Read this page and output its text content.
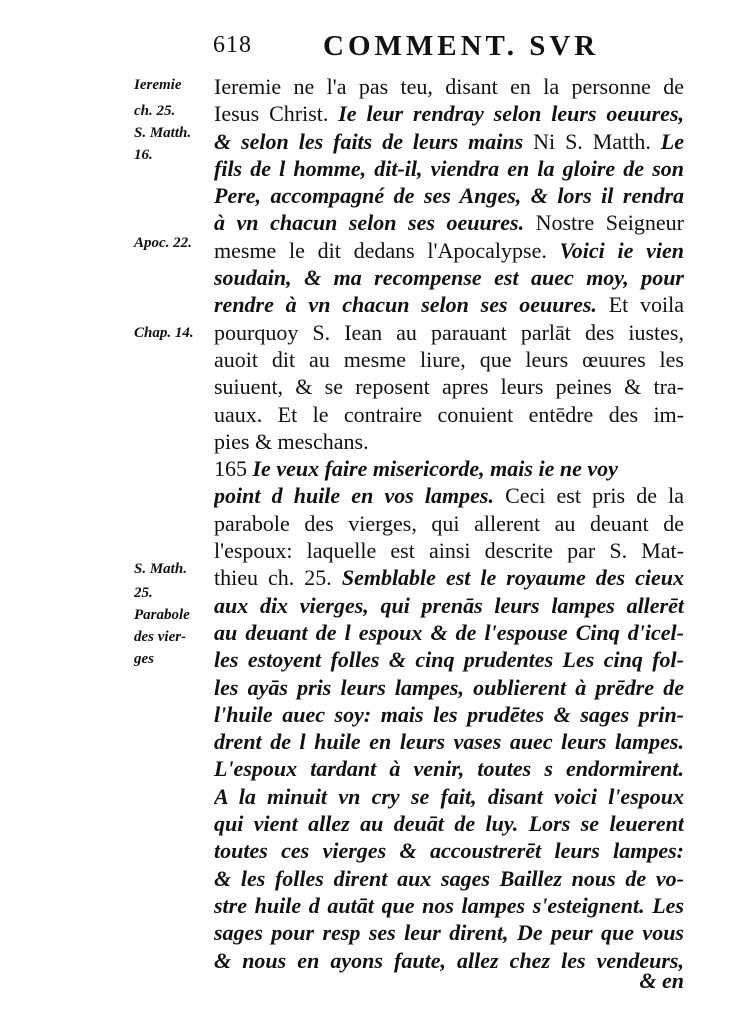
618 COMMENT. SVR
Ieremie
ch. 25.
S. Matth.
16.
Apoc. 22.
Chap. 14.
S. Math.
25.
Parabole
des vier-
ges
Ieremie ne l'a pas teu, disant en la personne de
Iesus Christ. Ie leur rendray selon leurs oeuures,
& selon les faits de leurs mains Ni S. Matth. Le
fils de l homme, dit-il, viendra en la gloire de son
Pere, accompagné de ses Anges, & lors il rendra
à vn chacun selon ses oeuures. Nostre Seigneur
mesme le dit dedans l'Apocalypse. Voici ie vien
soudain, & ma recompense est auec moy, pour
rendre à vn chacun selon ses oeuures. Et voila
pourquoy S. Iean au parauant parlāt des iustes,
auoit dit au mesme liure, que leurs œuures les
suiuent, & se reposent apres leurs peines & tra-
uaux. Et le contraire conuient entēdre des im-
pies & meschans.
165 Ie veux faire misericorde, mais ie ne voy
point d huile en vos lampes. Ceci est pris de la
parabole des vierges, qui allerent au deuant de
l'espoux: laquelle est ainsi descrite par S. Mat-
thieu ch. 25. Semblable est le royaume des cieux
aux dix vierges, qui prenās leurs lampes allerēt
au deuant de l espoux & de l'espouse Cinq d'icel-
les estoyent folles & cinq prudentes Les cinq fol-
les ayās pris leurs lampes, oublierent à prēdre de
l'huile auec soy: mais les prudētes & sages prin-
drent de l huile en leurs vases auec leurs lampes.
L'espoux tardant à venir, toutes s endormirent.
A la minuit vn cry se fait, disant voici l'espoux
qui vient allez au deuāt de luy. Lors se leuerent
toutes ces vierges & accoustrerēt leurs lampes:
& les folles dirent aux sages Baillez nous de vo-
stre huile d autāt que nos lampes s'esteignent. Les
sages pour resp ses leur dirent, De peur que vous
& nous en ayons faute, allez chez les vendeurs,
& en
